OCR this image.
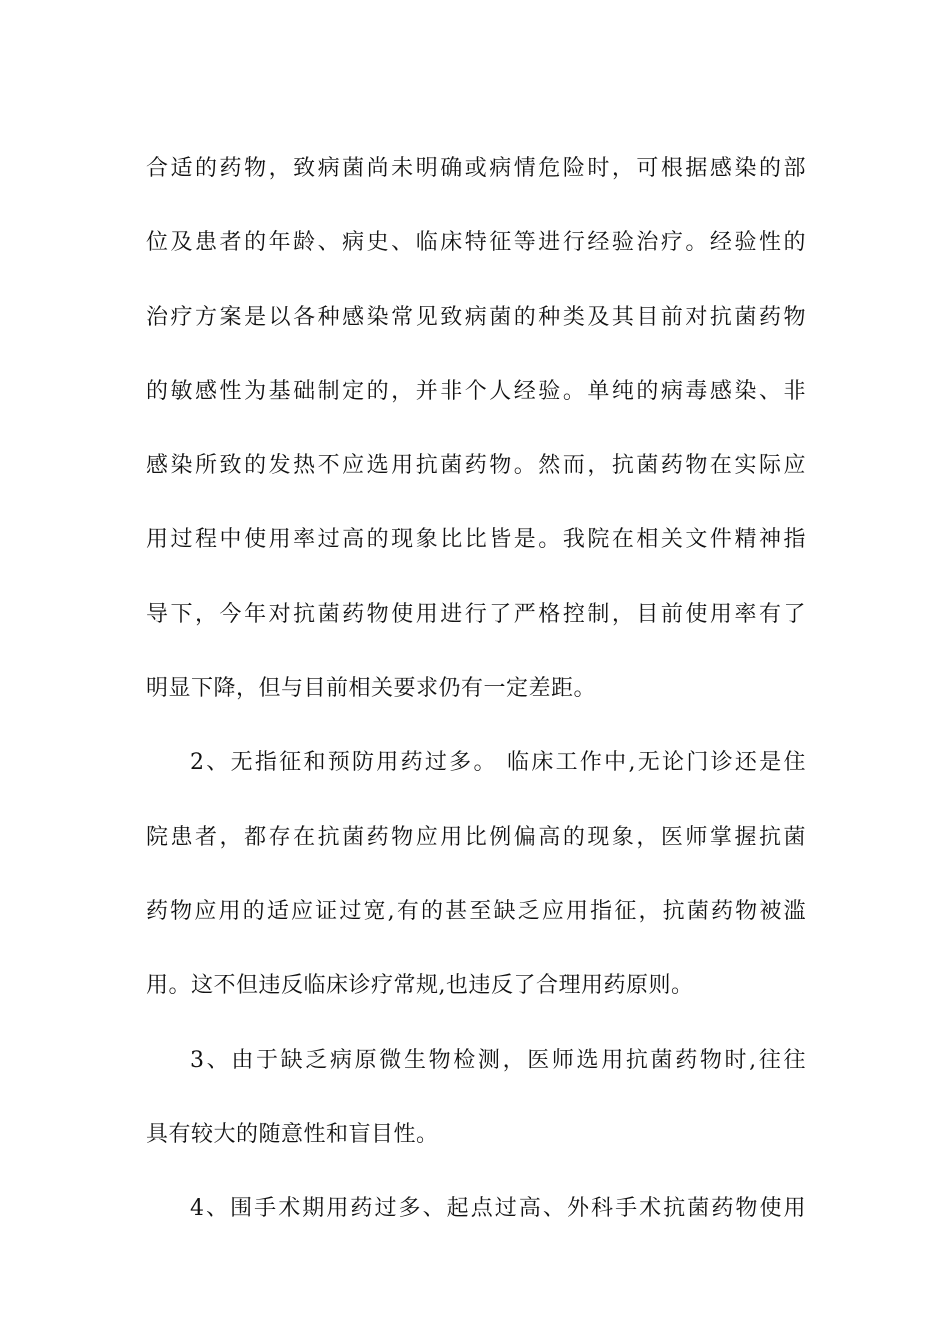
合适的药物，致病菌尚未明确或病情危险时，可根据感染的部
位及患者的年龄、病史、临床特征等进行经验治疗。经验性的
治疗方案是以各种感染常见致病菌的种类及其目前对抗菌药物
的敏感性为基础制定的，并非个人经验。单纯的病毒感染、非
感染所致的发热不应选用抗菌药物。然而，抗菌药物在实际应
用过程中使用率过高的现象比比皆是。我院在相关文件精神指
导下，今年对抗菌药物使用进行了严格控制，目前使用率有了
明显下降，但与目前相关要求仍有一定差距。
2、无指征和预防用药过多。 临床工作中,无论门诊还是住
院患者，都存在抗菌药物应用比例偏高的现象，医师掌握抗菌
药物应用的适应证过宽,有的甚至缺乏应用指征，抗菌药物被滥
用。这不但违反临床诊疗常规,也违反了合理用药原则。
3、由于缺乏病原微生物检测，医师选用抗菌药物时,往往
具有较大的随意性和盲目性。
4、围手术期用药过多、起点过高、外科手术抗菌药物使用
